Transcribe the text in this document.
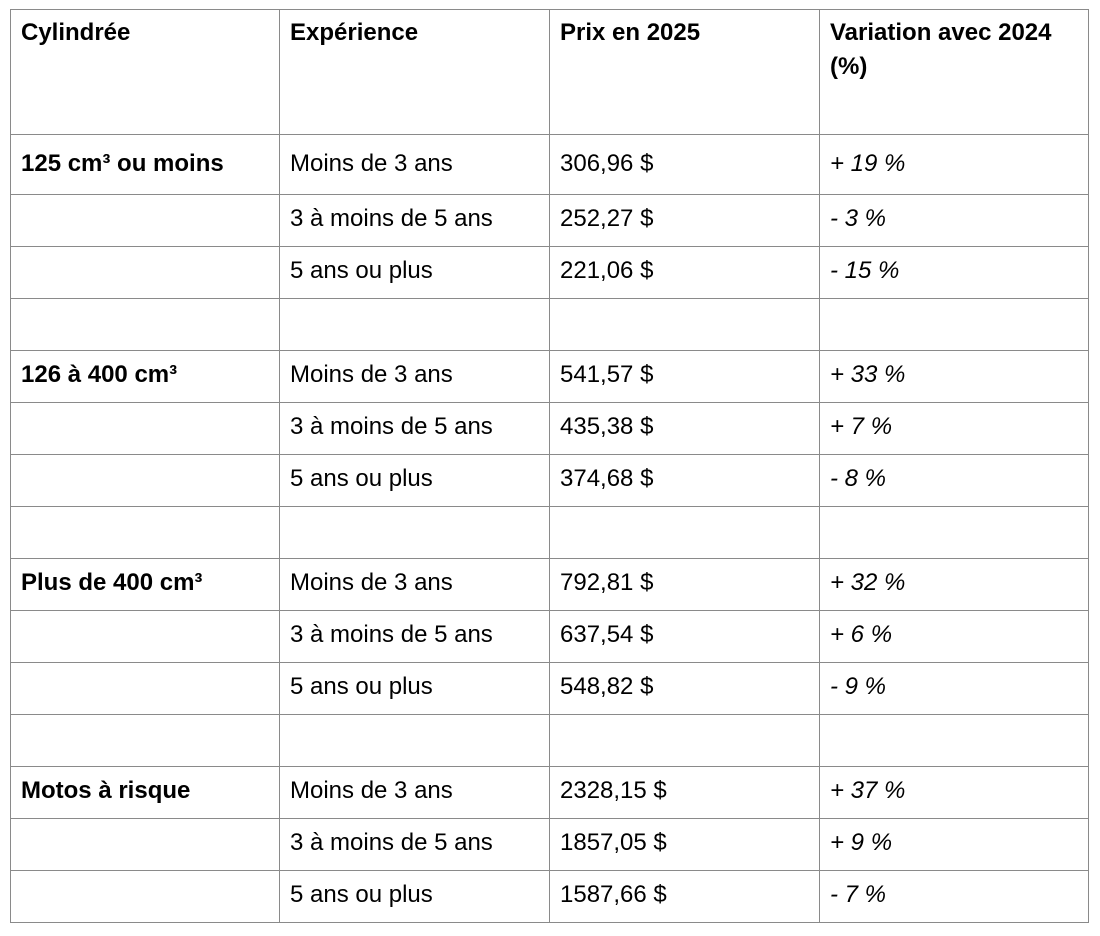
Cylindrée	Expérience	Prix en 2025	Variation avec 2024
(%)
125 cm³ ou moins	Moins de 3 ans	306,96 $	+ 19 %
	3 à moins de 5 ans	252,27 $	- 3 %
	5 ans ou plus	221,06 $	- 15 %

126 à 400 cm³	Moins de 3 ans	541,57 $	+ 33 %
	3 à moins de 5 ans	435,38 $	+ 7 %
	5 ans ou plus	374,68 $	- 8 %

Plus de 400 cm³	Moins de 3 ans	792,81 $	+ 32 %
	3 à moins de 5 ans	637,54 $	+ 6 %
	5 ans ou plus	548,82 $	- 9 %

Motos à risque	Moins de 3 ans	2328,15 $	+ 37 %
	3 à moins de 5 ans	1857,05 $	+ 9 %
	5 ans ou plus	1587,66 $	- 7 %
